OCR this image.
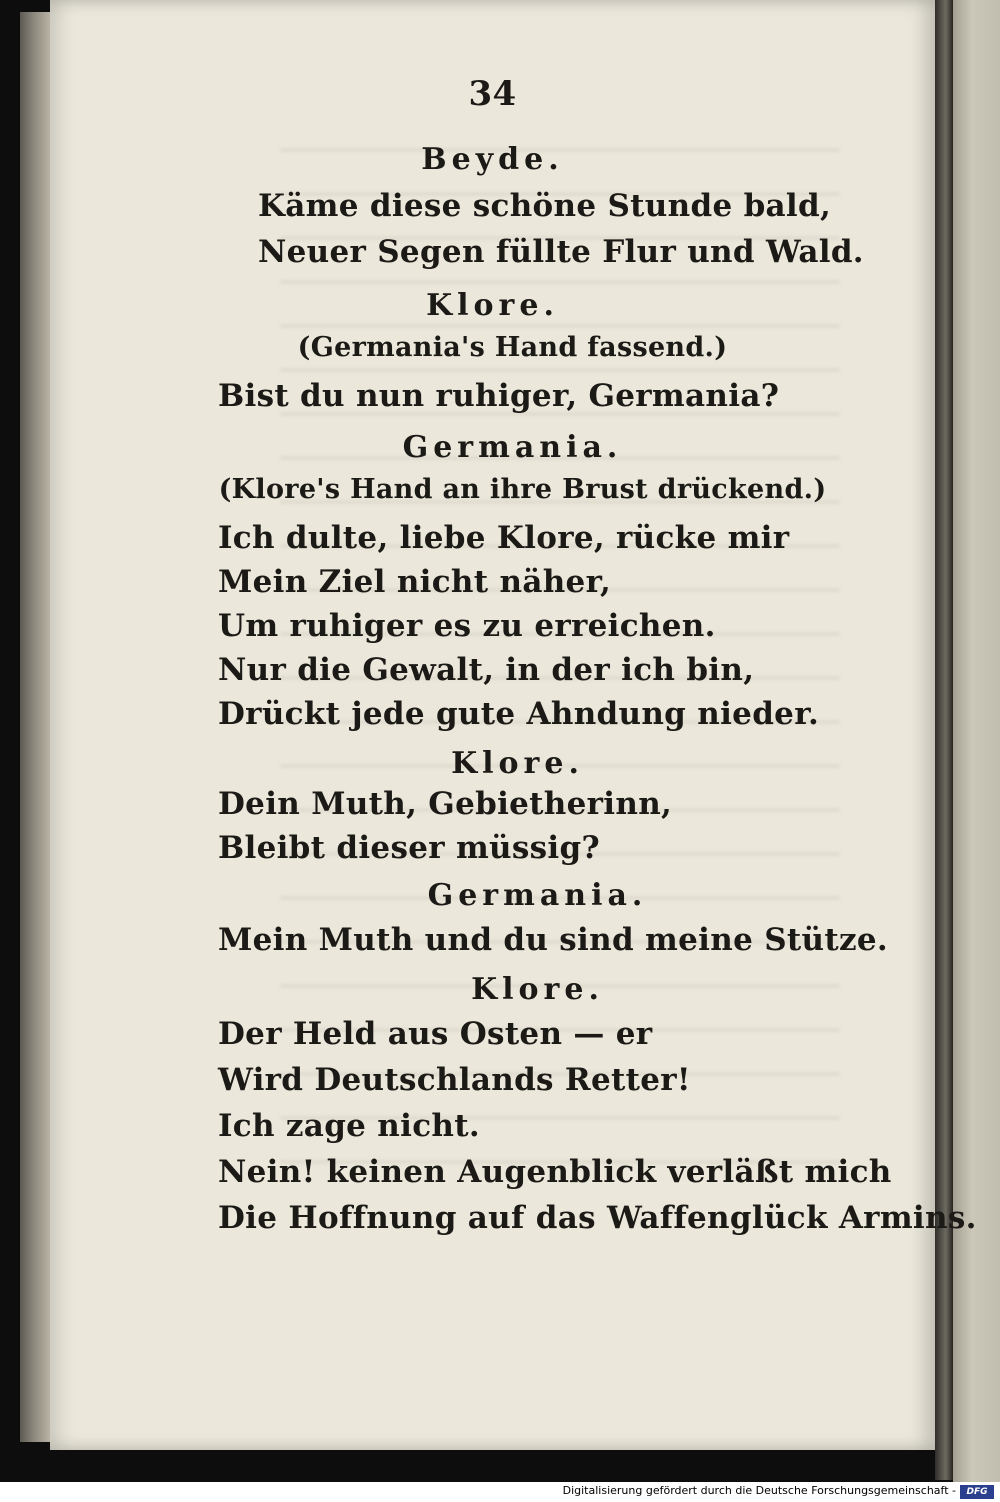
34
Beyde.
Käme diese schöne Stunde bald,
Neuer Segen füllte Flur und Wald.
Klore.
(Germania's Hand fassend.)
Bist du nun ruhiger, Germania?
Germania.
(Klore's Hand an ihre Brust drückend.)
Ich dulte, liebe Klore, rücke mir
Mein Ziel nicht näher,
Um ruhiger es zu erreichen.
Nur die Gewalt, in der ich bin,
Drückt jede gute Ahndung nieder.
Klore.
Dein Muth, Gebietherinn,
Bleibt dieser müssig?
Germania.
Mein Muth und du sind meine Stütze.
Klore.
Der Held aus Osten — er
Wird Deutschlands Retter!
Ich zage nicht.
Nein! keinen Augenblick verläßt mich
Die Hoffnung auf das Waffenglück Armins.
Digitalisierung gefördert durch die Deutsche Forschungsgemeinschaft -	DFG
